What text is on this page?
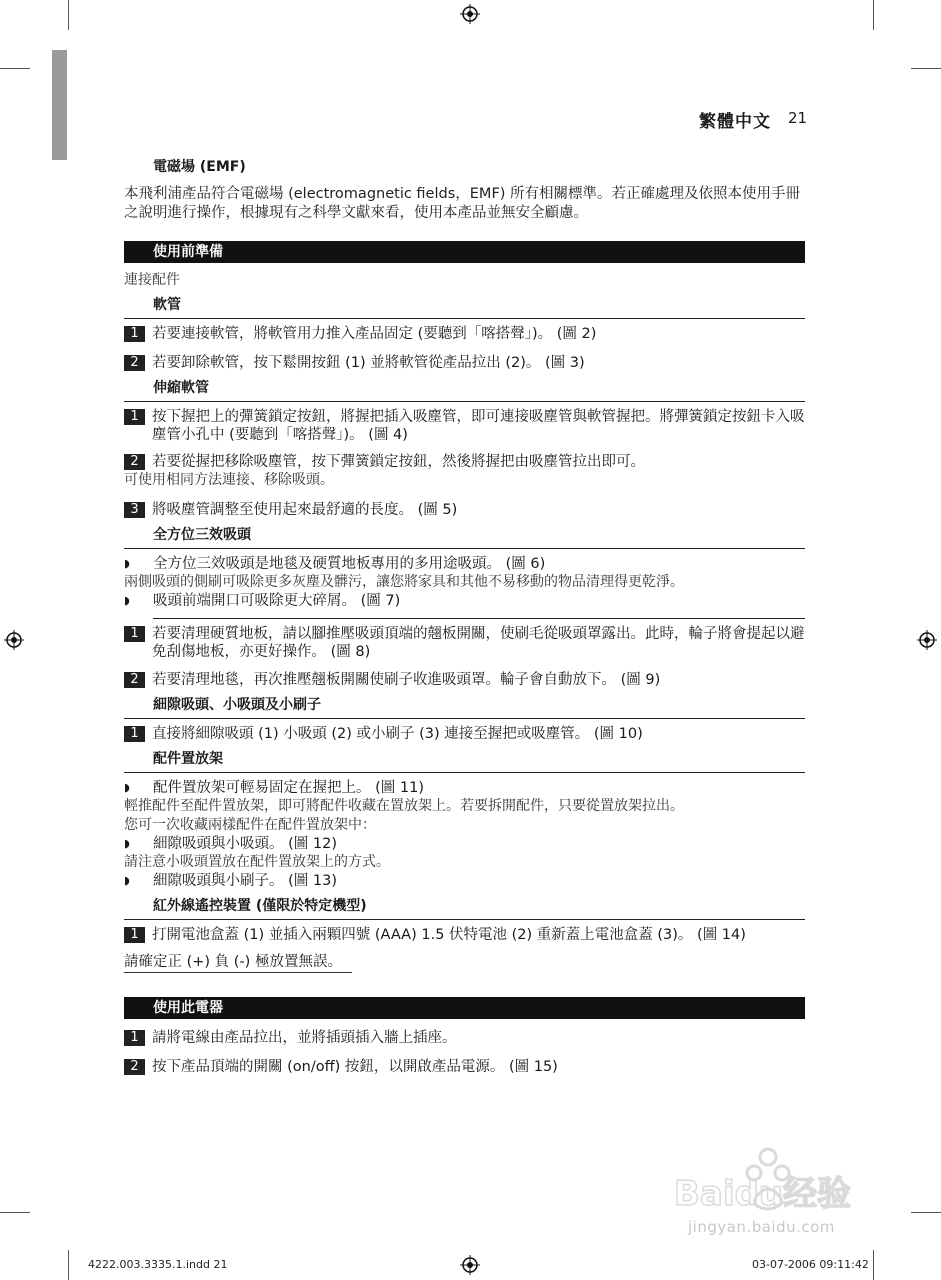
繁體中文 21
電磁場 (EMF)
本飛利浦產品符合電磁場 (electromagnetic fields，EMF) 所有相關標準。若正確處理及依照本使用手冊之說明進行操作，根據現有之科學文獻來看，使用本產品並無安全顧慮。
使用前準備
連接配件
軟管
1 若要連接軟管，將軟管用力推入產品固定 (要聽到「喀搭聲」)。 (圖 2)
2 若要卸除軟管，按下鬆開按鈕 (1) 並將軟管從產品拉出 (2)。 (圖 3)
伸縮軟管
1 按下握把上的彈簧鎖定按鈕，將握把插入吸塵管，即可連接吸塵管與軟管握把。將彈簧鎖定按鈕卡入吸塵管小孔中 (要聽到「喀搭聲」)。 (圖 4)
2 若要從握把移除吸塵管，按下彈簧鎖定按鈕，然後將握把由吸塵管拉出即可。
可使用相同方法連接、移除吸頭。
3 將吸塵管調整至使用起來最舒適的長度。 (圖 5)
全方位三效吸頭
◗	全方位三效吸頭是地毯及硬質地板專用的多用途吸頭。 (圖 6)
兩側吸頭的側刷可吸除更多灰塵及髒污，讓您將家具和其他不易移動的物品清理得更乾淨。
◗	吸頭前端開口可吸除更大碎屑。 (圖 7)
1 若要清理硬質地板，請以腳推壓吸頭頂端的翹板開關，使刷毛從吸頭罩露出。此時，輪子將會提起以避免刮傷地板，亦更好操作。 (圖 8)
2 若要清理地毯，再次推壓翹板開關使刷子收進吸頭罩。輪子會自動放下。 (圖 9)
細隙吸頭、小吸頭及小刷子
1 直接將細隙吸頭 (1) 小吸頭 (2) 或小刷子 (3) 連接至握把或吸塵管。 (圖 10)
配件置放架
◗	配件置放架可輕易固定在握把上。 (圖 11)
輕推配件至配件置放架，即可將配件收藏在置放架上。若要拆開配件，只要從置放架拉出。
您可一次收藏兩樣配件在配件置放架中：
◗	細隙吸頭與小吸頭。 (圖 12)
請注意小吸頭置放在配件置放架上的方式。
◗	細隙吸頭與小刷子。 (圖 13)
紅外線遙控裝置 (僅限於特定機型)
1 打開電池盒蓋 (1) 並插入兩顆四號 (AAA) 1.5 伏特電池 (2) 重新蓋上電池盒蓋 (3)。 (圖 14)
請確定正 (+) 負 (-) 極放置無誤。
使用此電器
1 請將電線由產品拉出，並將插頭插入牆上插座。
2 按下產品頂端的開關 (on/off) 按鈕，以開啟產品電源。 (圖 15)
Baidu经验
jingyan.baidu.com
4222.003.3335.1.indd 21	03-07-2006 09:11:42
